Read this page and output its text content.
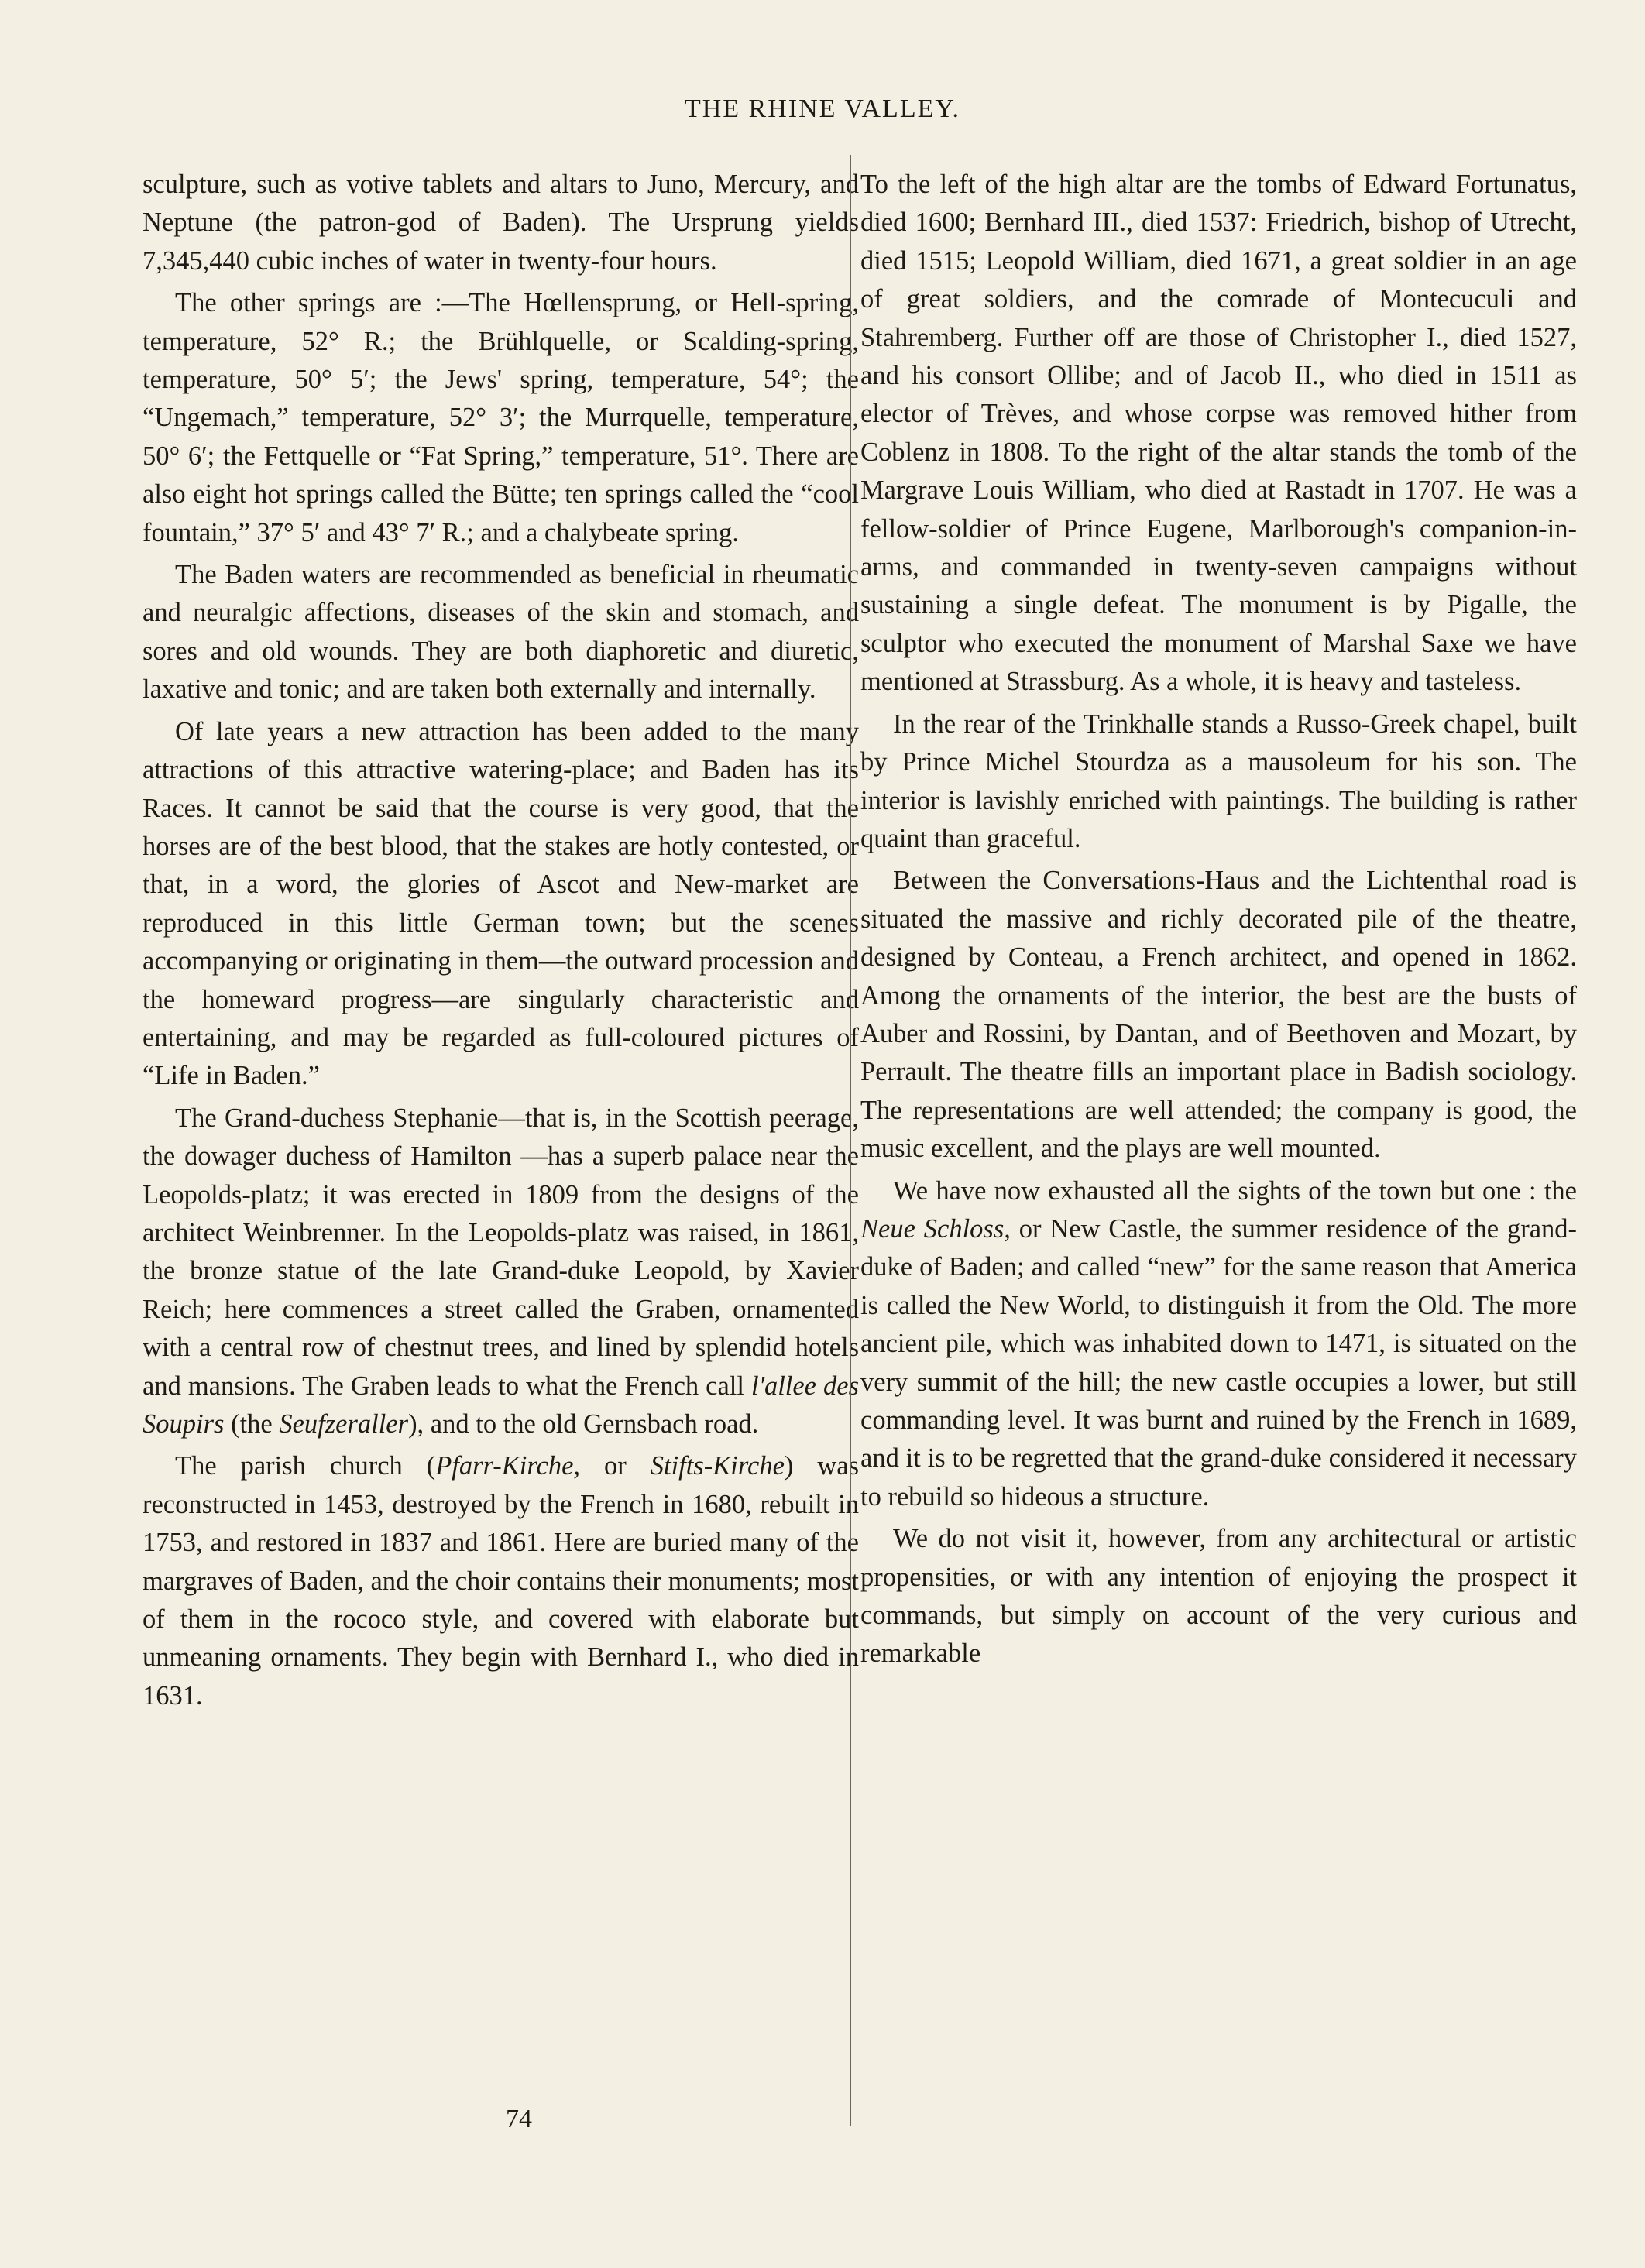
THE RHINE VALLEY.

sculpture, such as votive tablets and altars to Juno, Mercury, and Neptune (the patron-god of Baden). The Ursprung yields 7,345,440 cubic inches of water in twenty-four hours.

The other springs are :—The Hœllensprung, or Hell-spring, temperature, 52° R.; the Brühlquelle, or Scalding-spring, temperature, 50° 5′; the Jews' spring, temperature, 54°; the “Ungemach,” temperature, 52° 3′; the Murrquelle, temperature, 50° 6′; the Fettquelle or “Fat Spring,” temperature, 51°. There are also eight hot springs called the Bütte; ten springs called the “cool fountain,” 37° 5′ and 43° 7′ R.; and a chalybeate spring.

The Baden waters are recommended as beneficial in rheumatic and neuralgic affections, diseases of the skin and stomach, and sores and old wounds. They are both diaphoretic and diuretic, laxative and tonic; and are taken both externally and internally.

Of late years a new attraction has been added to the many attractions of this attractive watering-place; and Baden has its Races. It cannot be said that the course is very good, that the horses are of the best blood, that the stakes are hotly contested, or that, in a word, the glories of Ascot and New-market are reproduced in this little German town; but the scenes accompanying or originating in them—the outward procession and the homeward progress—are singularly characteristic and entertaining, and may be regarded as full-coloured pictures of “Life in Baden.”

The Grand-duchess Stephanie—that is, in the Scottish peerage, the dowager duchess of Hamilton —has a superb palace near the Leopolds-platz; it was erected in 1809 from the designs of the architect Weinbrenner. In the Leopolds-platz was raised, in 1861, the bronze statue of the late Grand-duke Leopold, by Xavier Reich; here commences a street called the Graben, ornamented with a central row of chestnut trees, and lined by splendid hotels and mansions. The Graben leads to what the French call l'allee des Soupirs (the Seufzeraller), and to the old Gernsbach road.

The parish church (Pfarr-Kirche, or Stifts-Kirche) was reconstructed in 1453, destroyed by the French in 1680, rebuilt in 1753, and restored in 1837 and 1861. Here are buried many of the margraves of Baden, and the choir contains their monuments; most of them in the rococo style, and covered with elaborate but unmeaning ornaments. They begin with Bernhard I., who died in 1631.

To the left of the high altar are the tombs of Edward Fortunatus, died 1600; Bernhard III., died 1537: Friedrich, bishop of Utrecht, died 1515; Leopold William, died 1671, a great soldier in an age of great soldiers, and the comrade of Montecuculi and Stahremberg. Further off are those of Christopher I., died 1527, and his consort Ollibe; and of Jacob II., who died in 1511 as elector of Trèves, and whose corpse was removed hither from Coblenz in 1808. To the right of the altar stands the tomb of the Margrave Louis William, who died at Rastadt in 1707. He was a fellow-soldier of Prince Eugene, Marlborough's companion-in-arms, and commanded in twenty-seven campaigns without sustaining a single defeat. The monument is by Pigalle, the sculptor who executed the monument of Marshal Saxe we have mentioned at Strassburg. As a whole, it is heavy and tasteless.

In the rear of the Trinkhalle stands a Russo-Greek chapel, built by Prince Michel Stourdza as a mausoleum for his son. The interior is lavishly enriched with paintings. The building is rather quaint than graceful.

Between the Conversations-Haus and the Lichtenthal road is situated the massive and richly decorated pile of the theatre, designed by Conteau, a French architect, and opened in 1862. Among the ornaments of the interior, the best are the busts of Auber and Rossini, by Dantan, and of Beethoven and Mozart, by Perrault. The theatre fills an important place in Badish sociology. The representations are well attended; the company is good, the music excellent, and the plays are well mounted.

We have now exhausted all the sights of the town but one : the Neue Schloss, or New Castle, the summer residence of the grand-duke of Baden; and called “new” for the same reason that America is called the New World, to distinguish it from the Old. The more ancient pile, which was inhabited down to 1471, is situated on the very summit of the hill; the new castle occupies a lower, but still commanding level. It was burnt and ruined by the French in 1689, and it is to be regretted that the grand-duke considered it necessary to rebuild so hideous a structure.

We do not visit it, however, from any architectural or artistic propensities, or with any intention of enjoying the prospect it commands, but simply on account of the very curious and remarkable

74
